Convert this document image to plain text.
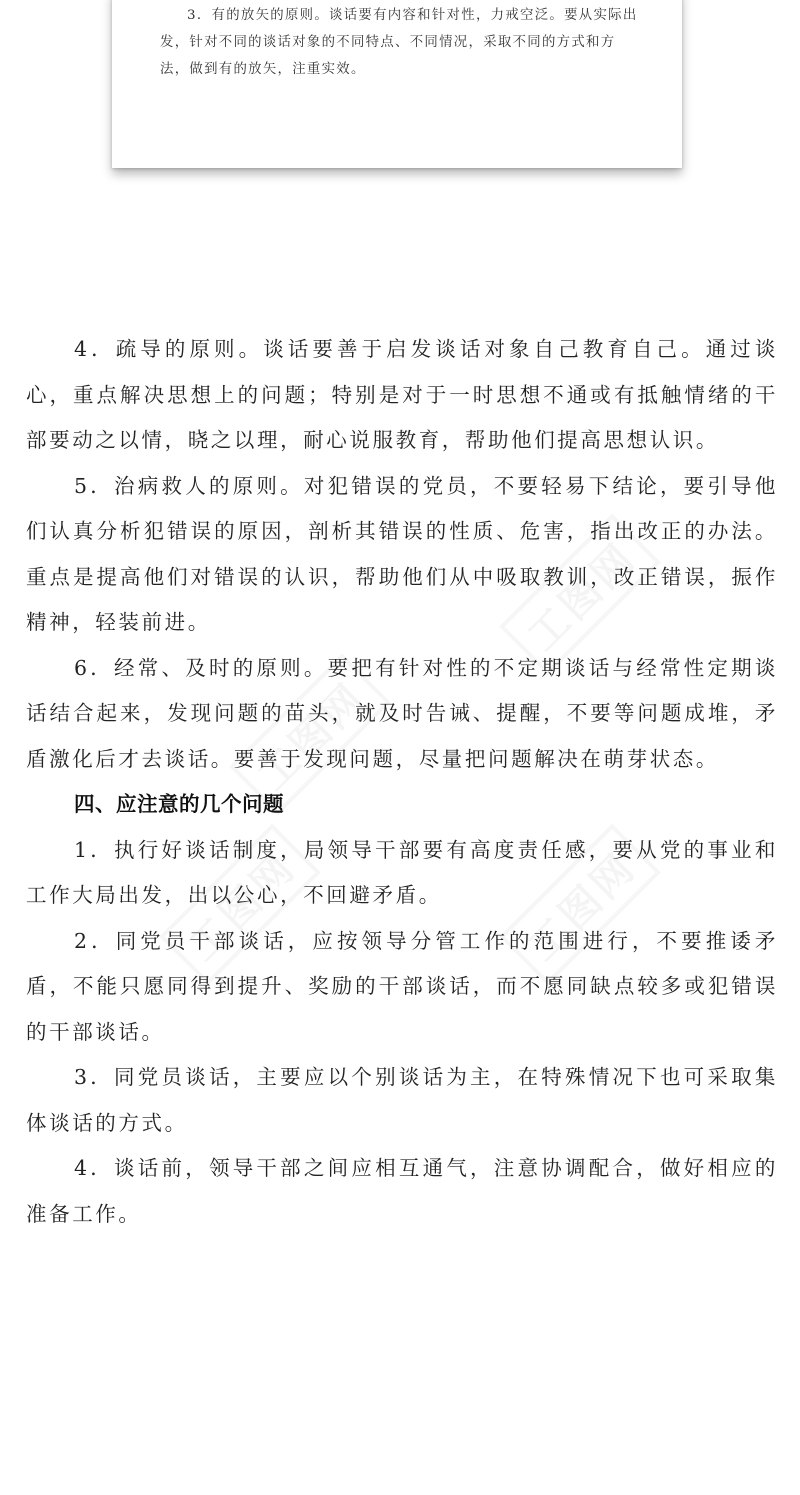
3．有的放矢的原则。谈话要有内容和针对性，力戒空泛。要从实际出发，针对不同的谈话对象的不同特点、不同情况，采取不同的方式和方法，做到有的放矢，注重实效。

4．疏导的原则。谈话要善于启发谈话对象自己教育自己。通过谈心，重点解决思想上的问题；特别是对于一时思想不通或有抵触情绪的干部要动之以情，晓之以理，耐心说服教育，帮助他们提高思想认识。

5．治病救人的原则。对犯错误的党员，不要轻易下结论，要引导他们认真分析犯错误的原因，剖析其错误的性质、危害，指出改正的办法。重点是提高他们对错误的认识，帮助他们从中吸取教训，改正错误，振作精神，轻装前进。

6．经常、及时的原则。要把有针对性的不定期谈话与经常性定期谈话结合起来，发现问题的苗头，就及时告诫、提醒，不要等问题成堆，矛盾激化后才去谈话。要善于发现问题，尽量把问题解决在萌芽状态。

四、应注意的几个问题

1．执行好谈话制度，局领导干部要有高度责任感，要从党的事业和工作大局出发，出以公心，不回避矛盾。

2．同党员干部谈话，应按领导分管工作的范围进行，不要推诿矛盾，不能只愿同得到提升、奖励的干部谈话，而不愿同缺点较多或犯错误的干部谈话。

3．同党员谈话，主要应以个别谈话为主，在特殊情况下也可采取集体谈话的方式。

4．谈话前，领导干部之间应相互通气，注意协调配合，做好相应的准备工作。
